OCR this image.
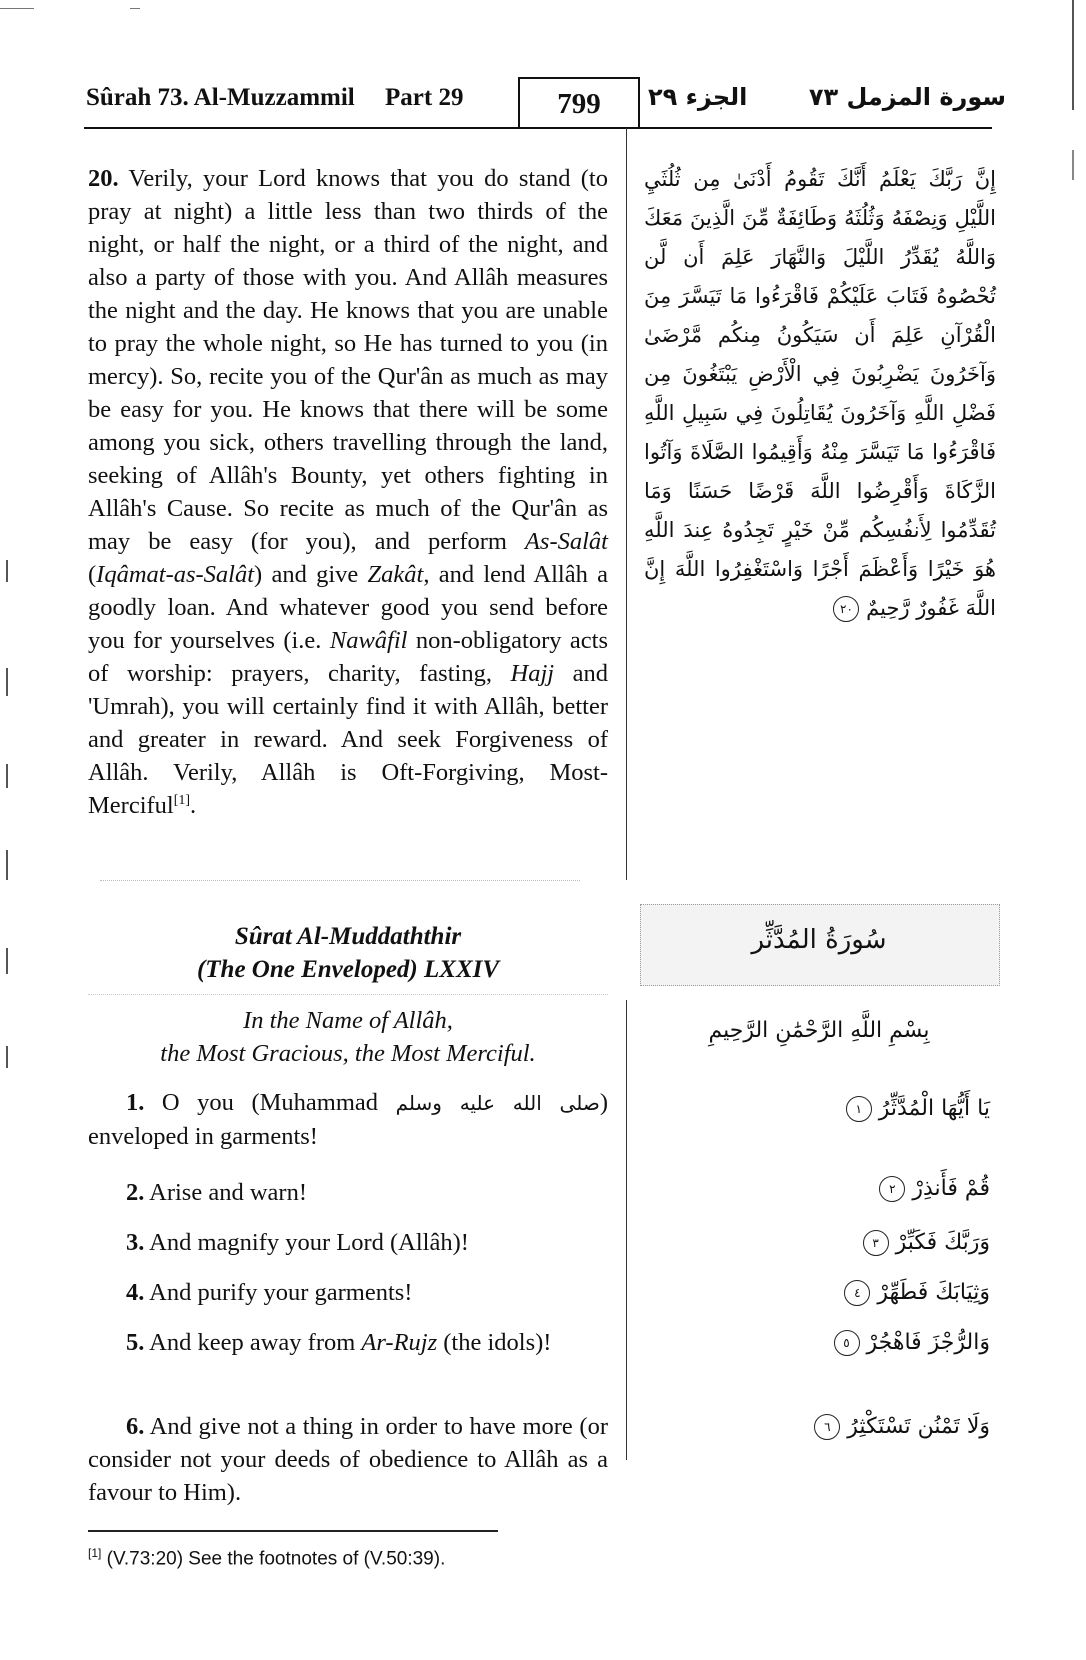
Sûrah 73. Al-Muzzammil Part 29	799	الجزء ٢٩	سورة المزمل ٧٣
20. Verily, your Lord knows that you do stand (to pray at night) a little less than two thirds of the night, or half the night, or a third of the night, and also a party of those with you. And Allâh measures the night and the day. He knows that you are unable to pray the whole night, so He has turned to you (in mercy). So, recite you of the Qur'ân as much as may be easy for you. He knows that there will be some among you sick, others travelling through the land, seeking of Allâh's Bounty, yet others fighting in Allâh's Cause. So recite as much of the Qur'ân as may be easy (for you), and perform As-Salât (Iqâmat-as-Salât) and give Zakât, and lend Allâh a goodly loan. And whatever good you send before you for yourselves (i.e. Nawâfil non-obligatory acts of worship: prayers, charity, fasting, Hajj and 'Umrah), you will certainly find it with Allâh, better and greater in reward. And seek Forgiveness of Allâh. Verily, Allâh is Oft-Forgiving, Most-Merciful[1].
إِنَّ رَبَّكَ يَعْلَمُ أَنَّكَ تَقُومُ أَدْنَىٰ مِن ثُلُثَيِ اللَّيْلِ وَنِصْفَهُ وَثُلُثَهُ وَطَائِفَةٌ مِّنَ الَّذِينَ مَعَكَ وَاللَّهُ يُقَدِّرُ اللَّيْلَ وَالنَّهَارَ عَلِمَ أَن لَّن تُحْصُوهُ فَتَابَ عَلَيْكُمْ فَاقْرَءُوا مَا تَيَسَّرَ مِنَ الْقُرْآنِ عَلِمَ أَن سَيَكُونُ مِنكُم مَّرْضَىٰ وَآخَرُونَ يَضْرِبُونَ فِي الْأَرْضِ يَبْتَغُونَ مِن فَضْلِ اللَّهِ وَآخَرُونَ يُقَاتِلُونَ فِي سَبِيلِ اللَّهِ فَاقْرَءُوا مَا تَيَسَّرَ مِنْهُ وَأَقِيمُوا الصَّلَاةَ وَآتُوا الزَّكَاةَ وَأَقْرِضُوا اللَّهَ قَرْضًا حَسَنًا وَمَا تُقَدِّمُوا لِأَنفُسِكُم مِّنْ خَيْرٍ تَجِدُوهُ عِندَ اللَّهِ هُوَ خَيْرًا وَأَعْظَمَ أَجْرًا وَاسْتَغْفِرُوا اللَّهَ إِنَّ اللَّهَ غَفُورٌ رَّحِيمٌ ٢٠
Sûrat Al-Muddaththir
(The One Enveloped) LXXIV
سُورَةُ المُدَّثِّر
In the Name of Allâh,
the Most Gracious, the Most Merciful.
بِسْمِ اللَّهِ الرَّحْمَٰنِ الرَّحِيمِ
1. O you (Muhammad صلى الله عليه وسلم) enveloped in garments!
2. Arise and warn!
3. And magnify your Lord (Allâh)!
4. And purify your garments!
5. And keep away from Ar-Rujz (the idols)!
6. And give not a thing in order to have more (or consider not your deeds of obedience to Allâh as a favour to Him).
يَا أَيُّهَا الْمُدَّثِّرُ ١
قُمْ فَأَنذِرْ ٢
وَرَبَّكَ فَكَبِّرْ ٣
وَثِيَابَكَ فَطَهِّرْ ٤
وَالرُّجْزَ فَاهْجُرْ ٥
وَلَا تَمْنُن تَسْتَكْثِرُ ٦
[1] (V.73:20) See the footnotes of (V.50:39).
